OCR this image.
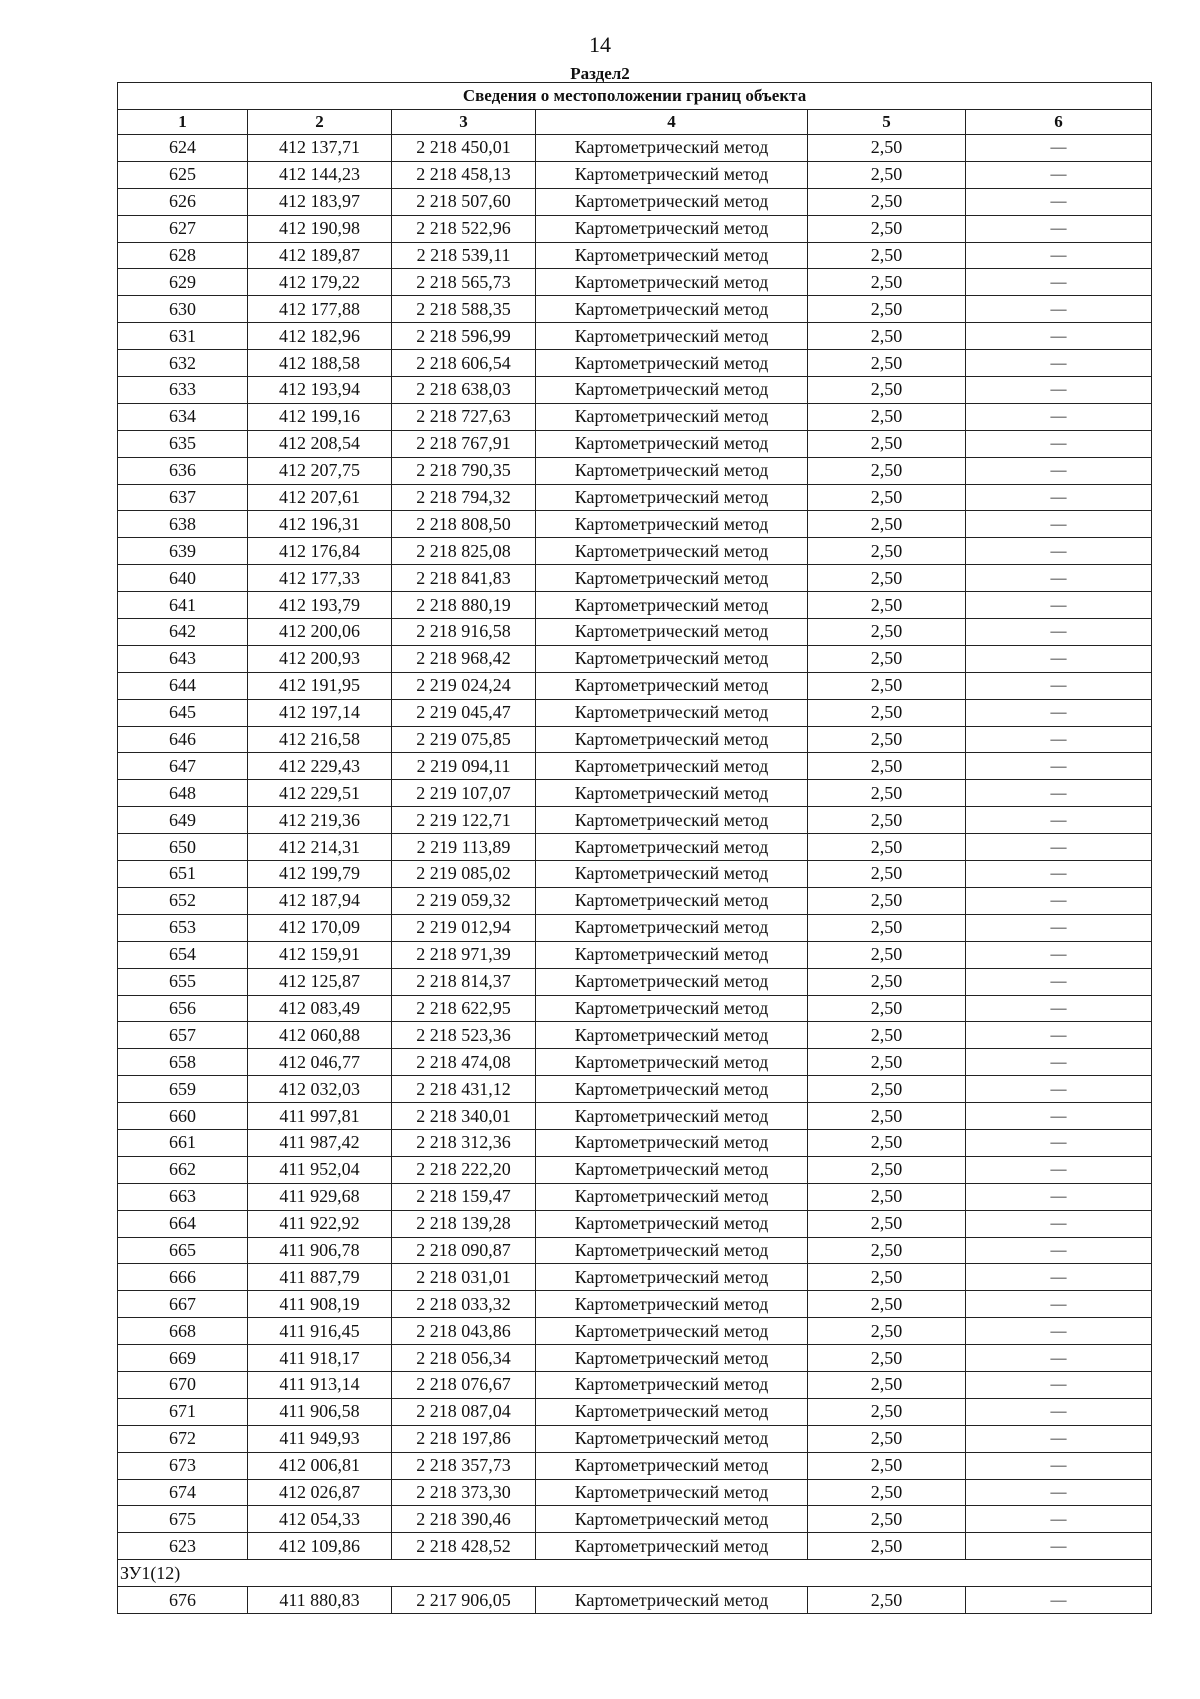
14
Раздел2
Сведения о местоположении границ объекта					
1	2	3	4	5	6
624	412 137,71	2 218 450,01	Картометрический метод	2,50	—
625	412 144,23	2 218 458,13	Картометрический метод	2,50	—
626	412 183,97	2 218 507,60	Картометрический метод	2,50	—
627	412 190,98	2 218 522,96	Картометрический метод	2,50	—
628	412 189,87	2 218 539,11	Картометрический метод	2,50	—
629	412 179,22	2 218 565,73	Картометрический метод	2,50	—
630	412 177,88	2 218 588,35	Картометрический метод	2,50	—
631	412 182,96	2 218 596,99	Картометрический метод	2,50	—
632	412 188,58	2 218 606,54	Картометрический метод	2,50	—
633	412 193,94	2 218 638,03	Картометрический метод	2,50	—
634	412 199,16	2 218 727,63	Картометрический метод	2,50	—
635	412 208,54	2 218 767,91	Картометрический метод	2,50	—
636	412 207,75	2 218 790,35	Картометрический метод	2,50	—
637	412 207,61	2 218 794,32	Картометрический метод	2,50	—
638	412 196,31	2 218 808,50	Картометрический метод	2,50	—
639	412 176,84	2 218 825,08	Картометрический метод	2,50	—
640	412 177,33	2 218 841,83	Картометрический метод	2,50	—
641	412 193,79	2 218 880,19	Картометрический метод	2,50	—
642	412 200,06	2 218 916,58	Картометрический метод	2,50	—
643	412 200,93	2 218 968,42	Картометрический метод	2,50	—
644	412 191,95	2 219 024,24	Картометрический метод	2,50	—
645	412 197,14	2 219 045,47	Картометрический метод	2,50	—
646	412 216,58	2 219 075,85	Картометрический метод	2,50	—
647	412 229,43	2 219 094,11	Картометрический метод	2,50	—
648	412 229,51	2 219 107,07	Картометрический метод	2,50	—
649	412 219,36	2 219 122,71	Картометрический метод	2,50	—
650	412 214,31	2 219 113,89	Картометрический метод	2,50	—
651	412 199,79	2 219 085,02	Картометрический метод	2,50	—
652	412 187,94	2 219 059,32	Картометрический метод	2,50	—
653	412 170,09	2 219 012,94	Картометрический метод	2,50	—
654	412 159,91	2 218 971,39	Картометрический метод	2,50	—
655	412 125,87	2 218 814,37	Картометрический метод	2,50	—
656	412 083,49	2 218 622,95	Картометрический метод	2,50	—
657	412 060,88	2 218 523,36	Картометрический метод	2,50	—
658	412 046,77	2 218 474,08	Картометрический метод	2,50	—
659	412 032,03	2 218 431,12	Картометрический метод	2,50	—
660	411 997,81	2 218 340,01	Картометрический метод	2,50	—
661	411 987,42	2 218 312,36	Картометрический метод	2,50	—
662	411 952,04	2 218 222,20	Картометрический метод	2,50	—
663	411 929,68	2 218 159,47	Картометрический метод	2,50	—
664	411 922,92	2 218 139,28	Картометрический метод	2,50	—
665	411 906,78	2 218 090,87	Картометрический метод	2,50	—
666	411 887,79	2 218 031,01	Картометрический метод	2,50	—
667	411 908,19	2 218 033,32	Картометрический метод	2,50	—
668	411 916,45	2 218 043,86	Картометрический метод	2,50	—
669	411 918,17	2 218 056,34	Картометрический метод	2,50	—
670	411 913,14	2 218 076,67	Картометрический метод	2,50	—
671	411 906,58	2 218 087,04	Картометрический метод	2,50	—
672	411 949,93	2 218 197,86	Картометрический метод	2,50	—
673	412 006,81	2 218 357,73	Картометрический метод	2,50	—
674	412 026,87	2 218 373,30	Картометрический метод	2,50	—
675	412 054,33	2 218 390,46	Картометрический метод	2,50	—
623	412 109,86	2 218 428,52	Картометрический метод	2,50	—
ЗУ1(12)					
676	411 880,83	2 217 906,05	Картометрический метод	2,50	—
